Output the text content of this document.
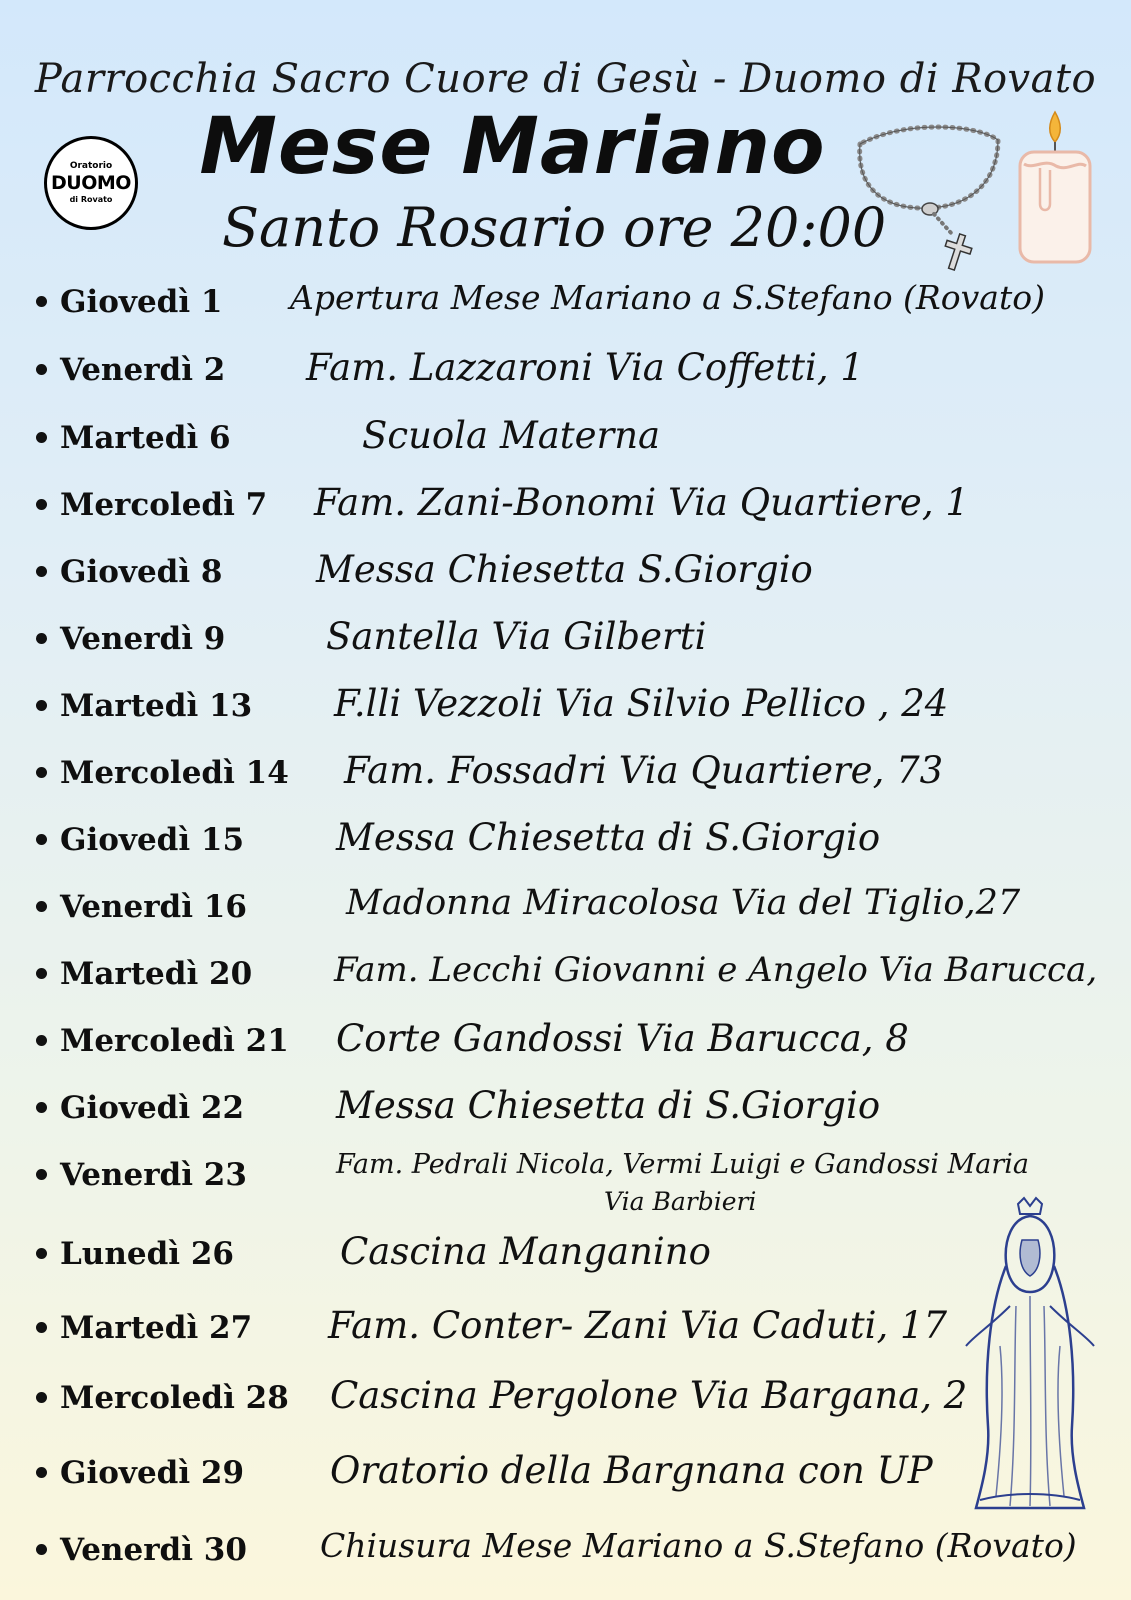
Parrocchia Sacro Cuore di Gesù - Duomo di Rovato
Oratorio
DUOMO
di Rovato
Mese Mariano
Santo Rosario ore 20:00
Giovedì 1 Apertura Mese Mariano a S.Stefano (Rovato)
Venerdì 2 Fam. Lazzaroni Via Coffetti, 1
Martedì 6	Scuola Materna
Mercoledì 7 Fam. Zani-Bonomi Via Quartiere, 1
Giovedì 8	Messa Chiesetta S.Giorgio
Venerdì 9	Santella Via Gilberti
Martedì 13 F.lli Vezzoli Via Silvio Pellico , 24
Mercoledì 14 Fam. Fossadri Via Quartiere, 73
Giovedì 15 Messa Chiesetta di S.Giorgio
Venerdì 16	Madonna Miracolosa Via del Tiglio,27
Martedì 20 Fam. Lecchi Giovanni e Angelo Via Barucca,
Mercoledì 21 Corte Gandossi Via Barucca, 8
Giovedì 22 Messa Chiesetta di S.Giorgio
Venerdì 23	Fam. Pedrali Nicola, Vermi Luigi e Gandossi Maria
Via Barbieri
Lunedì 26	Cascina Manganino
Martedì 27 Fam. Conter- Zani Via Caduti, 17
Mercoledì 28 Cascina Pergolone Via Bargana, 2
Giovedì 29 Oratorio della Bargnana con UP
Venerdì 30 Chiusura Mese Mariano a S.Stefano (Rovato)
